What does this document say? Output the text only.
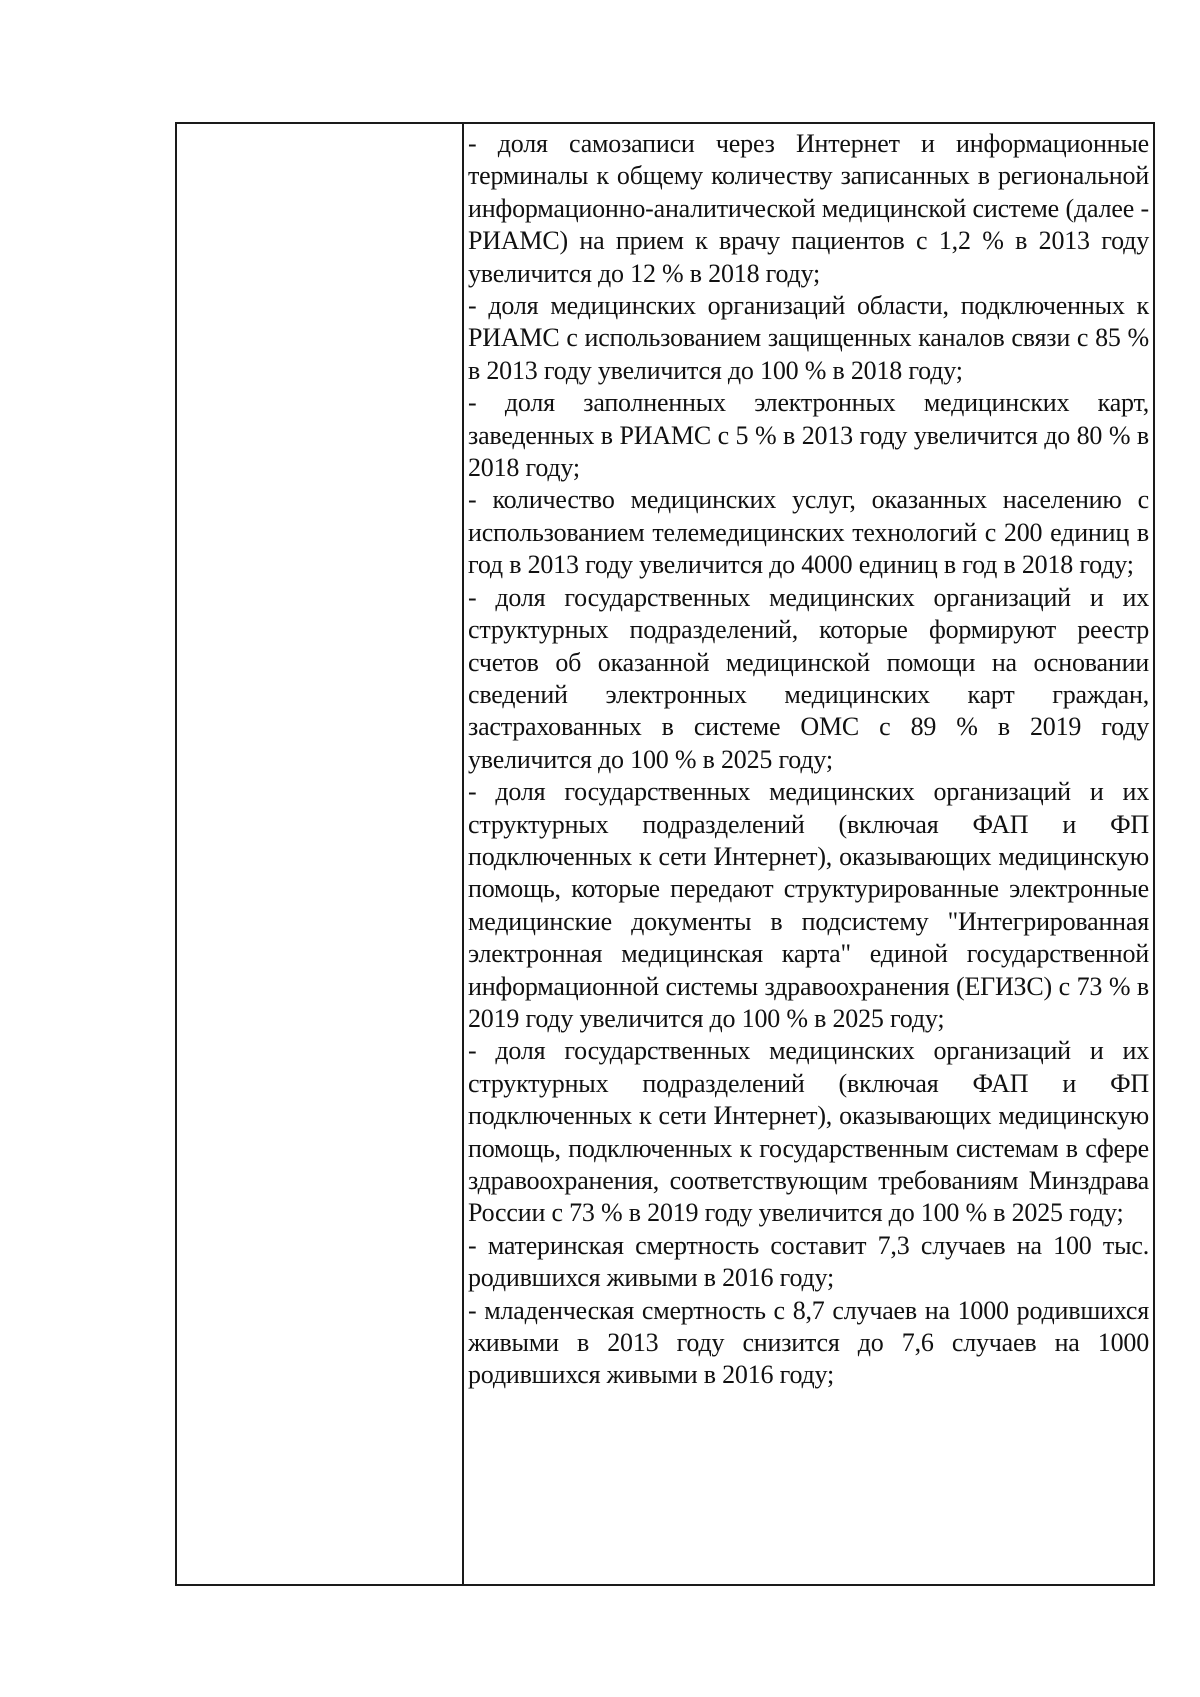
- доля самозаписи через Интернет и информационные терминалы к общему количеству записанных в региональной информационно-аналитической медицинской системе (далее - РИАМС) на прием к врачу пациентов с 1,2 % в 2013 году увеличится до 12 % в 2018 году;

- доля медицинских организаций области, подключенных к РИАМС с использованием защищенных каналов связи с 85 % в 2013 году увеличится до 100 % в 2018 году;

- доля заполненных электронных медицинских карт, заведенных в РИАМС с 5 % в 2013 году увеличится до 80 % в 2018 году;

- количество медицинских услуг, оказанных населению с использованием телемедицинских технологий с 200 единиц в год в 2013 году увеличится до 4000 единиц в год в 2018 году;

- доля государственных медицинских организаций и их структурных подразделений, которые формируют реестр счетов об оказанной медицинской помощи на основании сведений электронных медицинских карт граждан, застрахованных в системе ОМС с 89 % в 2019 году увеличится до 100 % в 2025 году;

- доля государственных медицинских организаций и их структурных подразделений (включая ФАП и ФП подключенных к сети Интернет), оказывающих медицинскую помощь, которые передают структурированные электронные медицинские документы в подсистему "Интегрированная электронная медицинская карта" единой государственной информационной системы здравоохранения (ЕГИЗС) с 73 % в 2019 году увеличится до 100 % в 2025 году;

- доля государственных медицинских организаций и их структурных подразделений (включая ФАП и ФП подключенных к сети Интернет), оказывающих медицинскую помощь, подключенных к государственным системам в сфере здравоохранения, соответствующим требованиям Минздрава России с 73 % в 2019 году увеличится до 100 % в 2025 году;

- материнская смертность составит 7,3 случаев на 100 тыс. родившихся живыми в 2016 году;

- младенческая смертность с 8,7 случаев на 1000 родившихся живыми в 2013 году снизится до 7,6 случаев на 1000 родившихся живыми в 2016 году;
